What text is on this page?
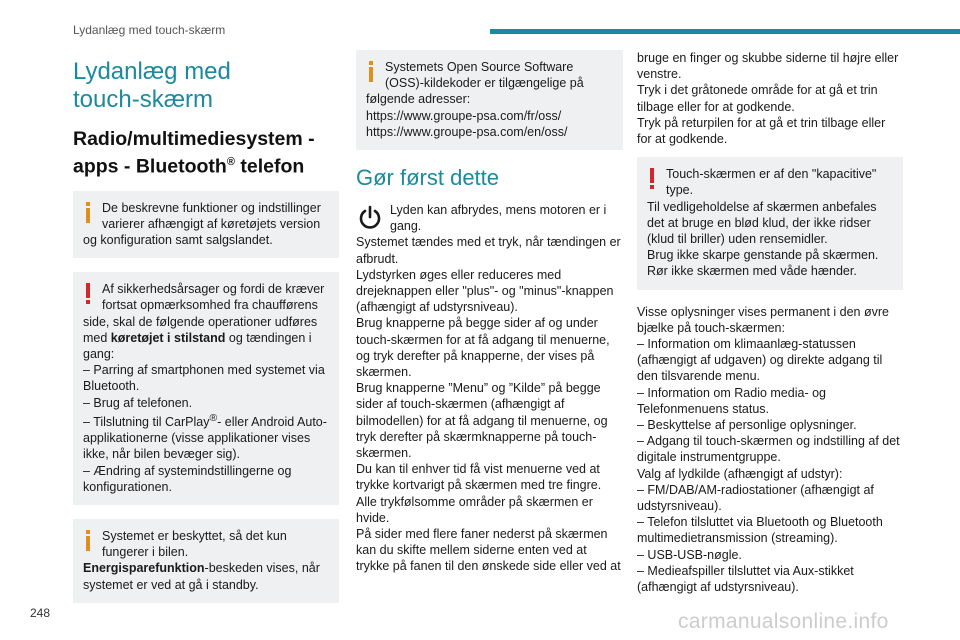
Lydanlæg med touch-skærm
Lydanlæg med
touch-skærm
Radio/multimediesystem -
apps - Bluetooth® telefon
De beskrevne funktioner og indstillinger varierer afhængigt af køretøjets version

og konfiguration samt salgslandet.

Af sikkerhedsårsager og fordi de kræver fortsat opmærksomhed fra chaufførens

side, skal de følgende operationer udføres med køretøjet i stilstand og tændingen i gang:

– Parring af smartphonen med systemet via Bluetooth.

– Brug af telefonen.

– Tilslutning til CarPlay®- eller Android Auto-applikationerne (visse applikationer vises ikke, når bilen bevæger sig).

– Ændring af systemindstillingerne og konfigurationen.

Systemet er beskyttet, så det kun fungerer i bilen.

Energisparefunktion-beskeden vises, når systemet er ved at gå i standby.

Systemets Open Source Software (OSS)-kildekoder er tilgængelige på

følgende adresser:

https://www.groupe-psa.com/fr/oss/

https://www.groupe-psa.com/en/oss/

Gør først dette
Lyden kan afbrydes, mens motoren er i gang.

Systemet tændes med et tryk, når tændingen er afbrudt.

Lydstyrken øges eller reduceres med drejeknappen eller "plus"- og "minus"-knappen (afhængigt af udstyrsniveau).

Brug knapperne på begge sider af og under touch-skærmen for at få adgang til menuerne, og tryk derefter på knapperne, der vises på skærmen.

Brug knapperne ”Menu” og ”Kilde” på begge sider af touch-skærmen (afhængigt af bilmodellen) for at få adgang til menuerne, og tryk derefter på skærmknapperne på touch-skærmen.

Du kan til enhver tid få vist menuerne ved at trykke kortvarigt på skærmen med tre fingre.

Alle trykfølsomme områder på skærmen er hvide.

På sider med flere faner nederst på skærmen kan du skifte mellem siderne enten ved at trykke på fanen til den ønskede side eller ved at

bruge en finger og skubbe siderne til højre eller venstre.

Tryk i det gråtonede område for at gå et trin tilbage eller for at godkende.

Tryk på returpilen for at gå et trin tilbage eller for at godkende.

Touch-skærmen er af den "kapacitive" type.

Til vedligeholdelse af skærmen anbefales det at bruge en blød klud, der ikke ridser (klud til briller) uden rensemidler.

Brug ikke skarpe genstande på skærmen.

Rør ikke skærmen med våde hænder.

Visse oplysninger vises permanent i den øvre bjælke på touch-skærmen:

– Information om klimaanlæg-statussen (afhængigt af udgaven) og direkte adgang til den tilsvarende menu.

– Information om Radio media- og Telefonmenuens status.

– Beskyttelse af personlige oplysninger.

– Adgang til touch-skærmen og indstilling af det digitale instrumentgruppe.

Valg af lydkilde (afhængigt af udstyr):

– FM/DAB/AM-radiostationer (afhængigt af udstyrsniveau).

– Telefon tilsluttet via Bluetooth og Bluetooth multimedietransmission (streaming).

– USB-USB-nøgle.

– Medieafspiller tilsluttet via Aux-stikket (afhængigt af udstyrsniveau).

248	carmanualsonline.info
